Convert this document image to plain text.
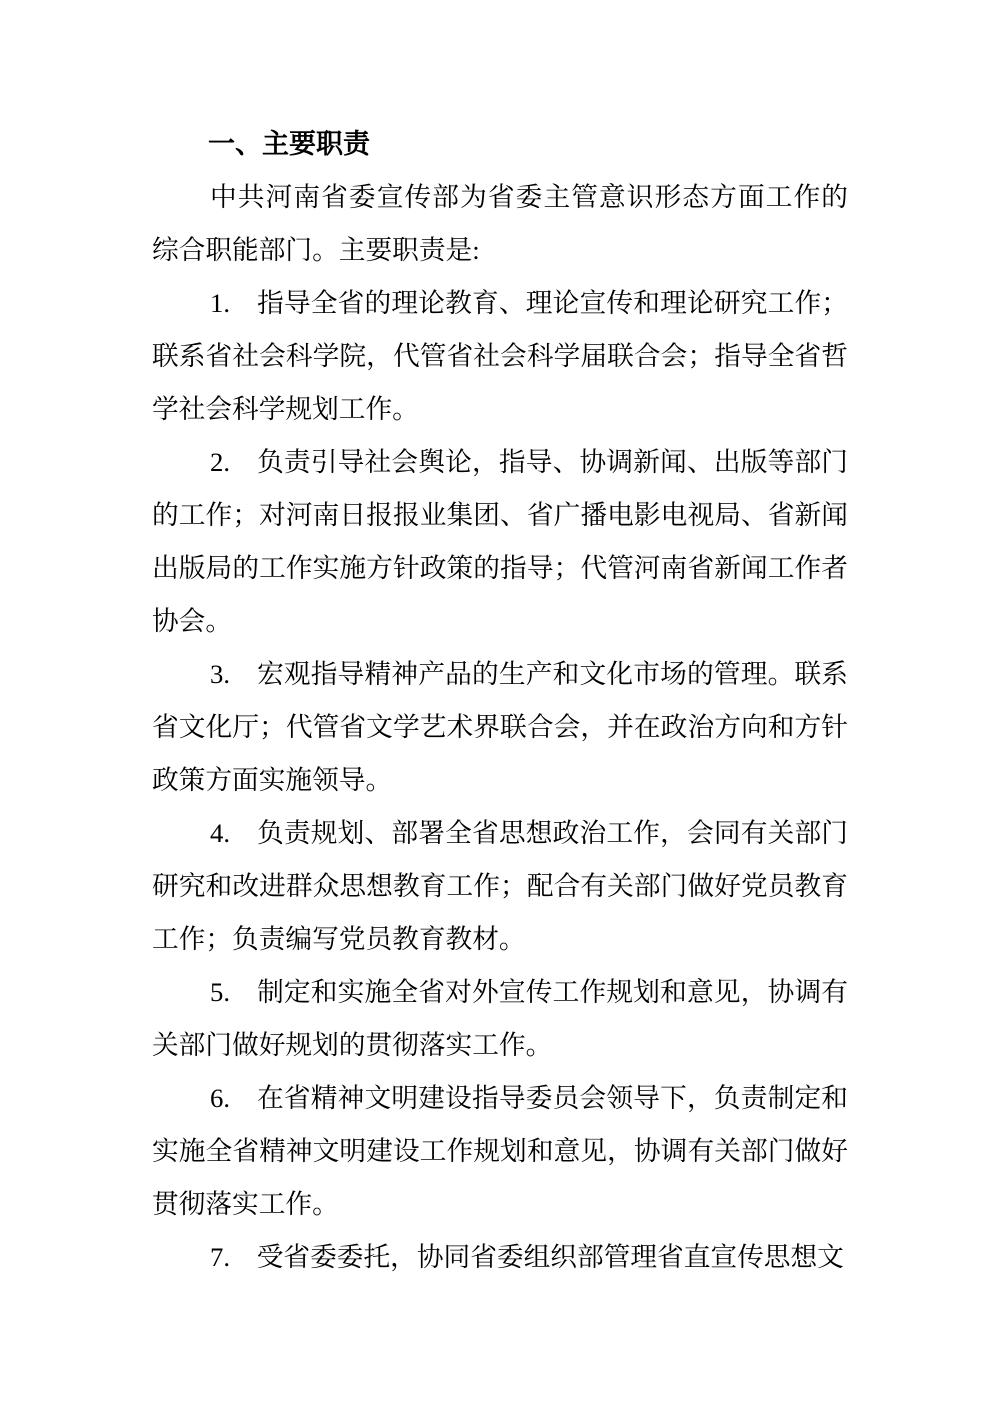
一、主要职责

中共河南省委宣传部为省委主管意识形态方面工作的综合职能部门。主要职责是:

1.　指导全省的理论教育、理论宣传和理论研究工作；联系省社会科学院，代管省社会科学届联合会；指导全省哲学社会科学规划工作。

2.　负责引导社会舆论，指导、协调新闻、出版等部门的工作；对河南日报报业集团、省广播电影电视局、省新闻出版局的工作实施方针政策的指导；代管河南省新闻工作者协会。

3.　宏观指导精神产品的生产和文化市场的管理。联系省文化厅；代管省文学艺术界联合会，并在政治方向和方针政策方面实施领导。

4.　负责规划、部署全省思想政治工作，会同有关部门研究和改进群众思想教育工作；配合有关部门做好党员教育工作；负责编写党员教育教材。

5.　制定和实施全省对外宣传工作规划和意见，协调有关部门做好规划的贯彻落实工作。

6.　在省精神文明建设指导委员会领导下，负责制定和实施全省精神文明建设工作规划和意见，协调有关部门做好贯彻落实工作。

7.　受省委委托，协同省委组织部管理省直宣传思想文
